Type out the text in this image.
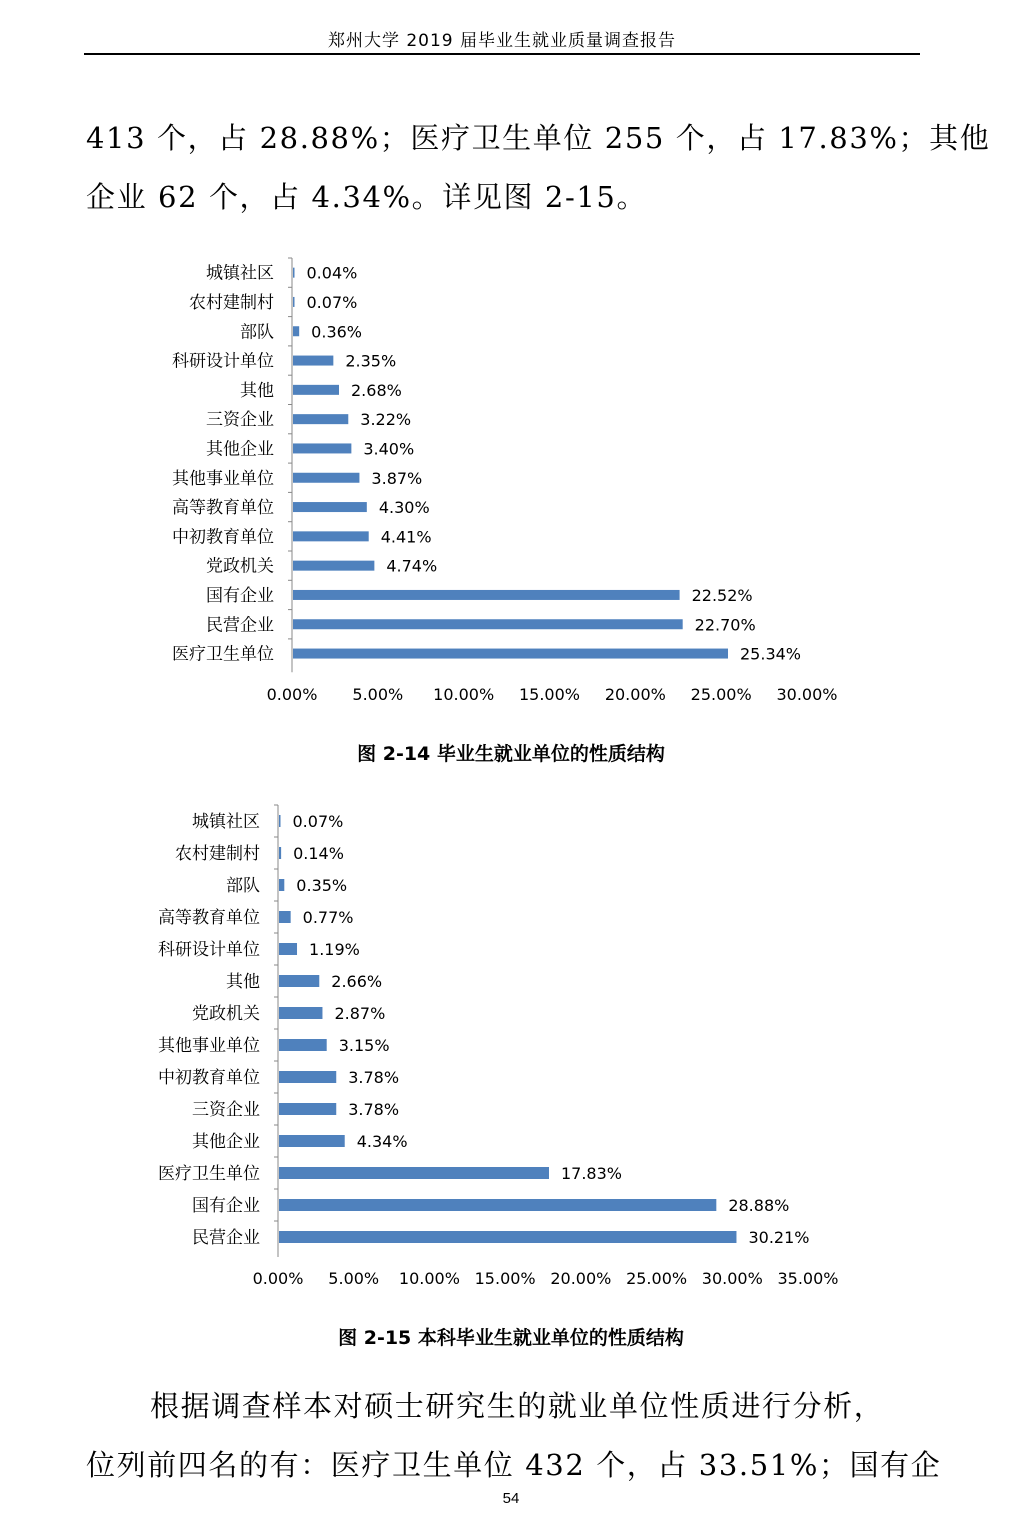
郑州大学 2019 届毕业生就业质量调查报告
413 个，占 28.88%；医疗卫生单位 255 个，占 17.83%；其他
企业 62 个，占 4.34%。详见图 2-15。
城镇社区 0.04%
农村建制村 0.07%
部队 0.36%
科研设计单位	2.35%
其他	2.68%
三资企业	3.22%
其他企业	3.40%
其他事业单位	3.87%
高等教育单位	4.30%
中初教育单位	4.41%
党政机关	4.74%
国有企业	22.52%
民营企业	22.70%
医疗卫生单位	25.34%
0.00% 5.00% 10.00% 15.00% 20.00% 25.00% 30.00%
图 2-14 毕业生就业单位的性质结构
城镇社区 0.07%
农村建制村 0.14%
部队 0.35%
高等教育单位	0.77%
科研设计单位	1.19%
其他	2.66%
党政机关	2.87%
其他事业单位	3.15%
中初教育单位	3.78%
三资企业	3.78%
其他企业	4.34%
医疗卫生单位	17.83%
国有企业	28.88%
民营企业	30.21%
0.00% 5.00% 10.00% 15.00% 20.00% 25.00% 30.00% 35.00%
图 2-15 本科毕业生就业单位的性质结构
根据调查样本对硕士研究生的就业单位性质进行分析，
位列前四名的有：医疗卫生单位 432 个，占 33.51%；国有企
54
